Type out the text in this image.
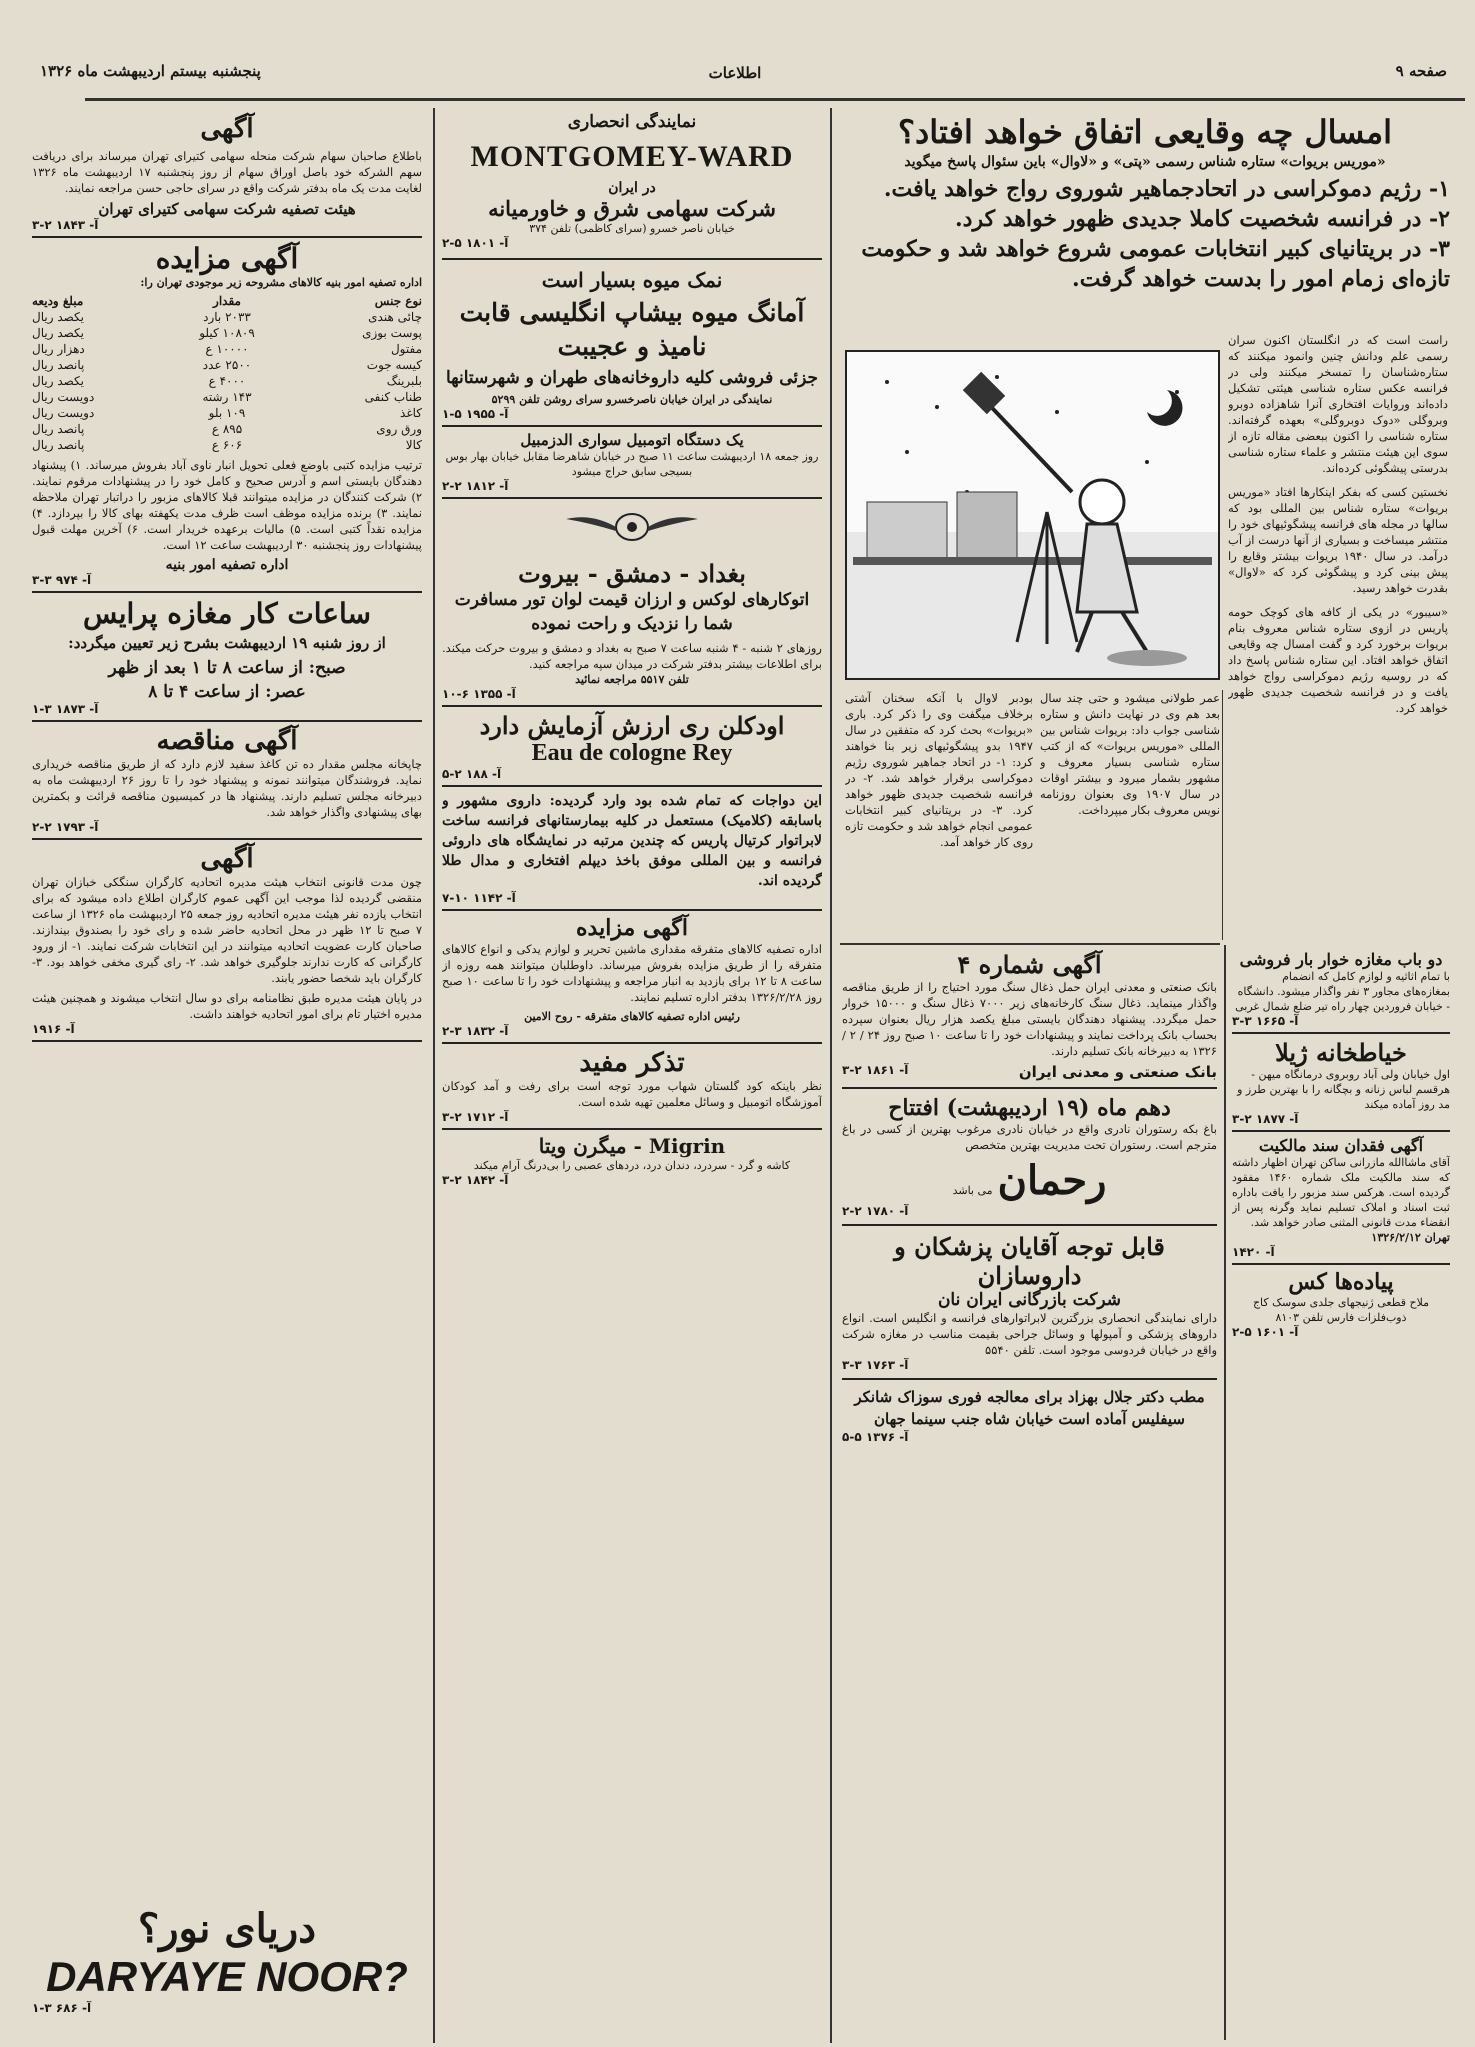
صفحه ۹
اطلاعات
پنجشنبه بیستم اردیبهشت ماه ۱۳۲۶
آگهی
باطلاع صاحبان سهام شرکت منحله سهامی کتیرای تهران میرساند برای دریافت سهم الشرکه خود باصل اوراق سهام از روز پنجشنبه ۱۷ اردیبهشت ماه ۱۳۲۶ لغایت مدت یک ماه بدفتر شرکت واقع در سرای حاجی حسن مراجعه نمایند.
هیئت تصفیه شرکت سهامی کتیرای تهران
آ- ۱۸۴۳ ۲-۳
آگهی مزایده
اداره تصفیه امور بنیه کالاهای مشروحه زیر موجودی تهران را:
نوع جنس
مقدار
مبلغ ودیعه
چائی هندی
۲۰۳۳ بارد
یکصد ریال
پوست بوزی
۱۰۸۰۹ کیلو
یکصد ریال
مفتول
۱۰۰۰۰ ع
دهزار ریال
کیسه جوت
۲۵۰۰ عدد
پانصد ریال
بلبرینگ
۴۰۰۰ ع
یکصد ریال
طناب کنفی
۱۴۳ رشته
دویست ریال
کاغذ
۱۰۹ بلو
دویست ریال
ورق روی
۸۹۵ ع
پانصد ریال
کالا
۶۰۶ ع
پانصد ریال
ترتیب مزایده کتبی باوضع فعلی تحویل انبار ناوی آباد بفروش میرساند. ۱) پیشنهاد دهندگان بایستی اسم و آدرس صحیح و کامل خود را در پیشنهادات مرقوم نمایند. ۲) شرکت کنندگان در مزایده میتوانند قبلا کالاهای مزبور را دراتبار تهران ملاحظه نمایند. ۳) برنده مزایده موظف است ظرف مدت یکهفته بهای کالا را بپردازد. ۴) مزایده نقداً کتبی است. ۵) مالیات برعهده خریدار است. ۶) آخرین مهلت قبول پیشنهادات روز پنجشنبه ۳۰ اردیبهشت ساعت ۱۲ است.
اداره تصفیه امور بنیه
آ- ۹۷۴ ۳-۳
ساعات کار مغازه پرایس
از روز شنبه ۱۹ اردیبهشت بشرح زیر تعیین میگردد:
صبح: از ساعت ۸ تا ۱ بعد از ظهر
عصر: از ساعت ۴ تا ۸
آ- ۱۸۷۳ ۳-۱
آگهی مناقصه
چاپخانه مجلس مقدار ده تن کاغذ سفید لازم دارد که از طریق مناقصه خریداری نماید. فروشندگان میتوانند نمونه و پیشنهاد خود را تا روز ۲۶ اردیبهشت ماه به دبیرخانه مجلس تسلیم دارند. پیشنهاد ها در کمیسیون مناقصه قرائت و بکمترین بهای پیشنهادی واگذار خواهد شد.
آ- ۱۷۹۳ ۲-۲
آگهی
چون مدت قانونی انتخاب هیئت مدیره اتحادیه کارگران سنگکی خبازان تهران منقضی گردیده لذا موجب این آگهی عموم کارگران اطلاع داده میشود که برای انتخاب یازده نفر هیئت مدیره اتحادیه روز جمعه ۲۵ اردیبهشت ماه ۱۳۲۶ از ساعت ۷ صبح تا ۱۲ ظهر در محل اتحادیه حاضر شده و رای خود را بصندوق بیندازند. صاحبان کارت عضویت اتحادیه میتوانند در این انتخابات شرکت نمایند. ۱- از ورود کارگرانی که کارت ندارند جلوگیری خواهد شد. ۲- رای گیری مخفی خواهد بود. ۳- کارگران باید شخصا حضور یابند.
در پایان هیئت مدیره طبق نظامنامه برای دو سال انتخاب میشوند و همچنین هیئت مدیره اختیار تام برای امور اتحادیه خواهند داشت.
آ- ۱۹۱۶
دریای نور؟
DARYAYE NOOR?
آ- ۶۸۶ ۳-۱
نمایندگی انحصاری
MONTGOMEY-WARD
در ایران
شرکت سهامی شرق و خاورمیانه
خیابان ناصر خسرو (سرای کاظمی) تلفن ۳۷۴
آ- ۱۸۰۱ ۵-۲
نمک میوه بسیار است
آمانگ میوه بیشاپ انگلیسی قابت نامیذ و عجیبت
جزئی فروشی کلیه داروخانه‌های طهران و شهرستانها
نمایندگی در ایران خیابان ناصرخسرو سرای روشن تلفن ۵۲۹۹
آ- ۱۹۵۵ ۵-۱
یک دستگاه اتومبیل سواری الدزمبیل
روز جمعه ۱۸ اردیبهشت ساعت ۱۱ صبح در خیابان شاهرضا مقابل خیابان بهار بوس بسیجی سابق حراج میشود
آ- ۱۸۱۲ ۲-۲
بغداد - دمشق - بیروت
اتوکارهای لوکس و ارزان قیمت لوان تور مسافرت شما را نزدیک و راحت نموده
روزهای ۲ شنبه - ۴ شنبه ساعت ۷ صبح به بغداد و دمشق و بیروت حرکت میکند. برای اطلاعات بیشتر بدفتر شرکت در میدان سپه مراجعه کنید.
تلفن ۵۵۱۷ مراجعه نمائید
آ- ۱۳۵۵ ۶-۱۰
اودکلن ری ارزش آزمایش دارد
Eau de cologne Rey
آ- ۱۸۸ ۲-۵
این دواجات که تمام شده بود وارد گردیده: داروی مشهور و باسابقه (کلامیک) مستعمل در کلیه بیمارستانهای فرانسه ساخت لابراتوار کرتیال پاریس که چندین مرتبه در نمایشگاه های داروئی فرانسه و بین المللی موفق باخذ دیپلم افتخاری و مدال طلا گردیده اند.
آ- ۱۱۴۲ ۱۰-۷
آگهی مزایده
اداره تصفیه کالاهای متفرقه مقداری ماشین تحریر و لوازم یدکی و انواع کالاهای متفرقه را از طریق مزایده بفروش میرساند. داوطلبان میتوانند همه روزه از ساعت ۸ تا ۱۲ برای بازدید به انبار مراجعه و پیشنهادات خود را تا ساعت ۱۰ صبح روز ۱۳۲۶/۲/۲۸ بدفتر اداره تسلیم نمایند.
رئیس اداره تصفیه کالاهای متفرقه - روح الامین
آ- ۱۸۳۲ ۳-۲
تذکر مفید
نظر باینکه کود گلستان شهاب مورد توجه است برای رفت و آمد کودکان آموزشگاه اتومبیل و وسائل معلمین تهیه شده است.
آ- ۱۷۱۲ ۲-۳
Migrin - میگرن ویتا
کاشه و گرد - سردرد، دندان درد، دردهای عصبی را بی‌درنگ آرام میکند
آ- ۱۸۴۲ ۲-۳
امسال چه وقایعی اتفاق خواهد افتاد؟
«موریس بریوات» ستاره شناس رسمی «پتی» و «لاوال» باین سئوال پاسخ میگوید
۱- رژیم دموکراسی در اتحادجماهیر شوروی رواج خواهد یافت.
۲- در فرانسه شخصیت کاملا جدیدی ظهور خواهد کرد.
۳- در بریتانیای کبیر انتخابات عمومی شروع خواهد شد و حکومت تازه‌ای زمام امور را بدست خواهد گرفت.
راست است که در انگلستان اکنون سران رسمی علم ودانش چنین وانمود میکنند که ستاره‌شناسان را تمسخر میکنند ولی در فرانسه عکس ستاره شناسی هیئتی تشکیل داده‌اند وروایات افتخاری آنرا شاهزاده دوبرو وبروگلی «دوک دوبروگلی» بعهده گرفته‌اند. ستاره شناسی را اکنون ببعضی مقاله تازه از سوی این هیئت منتشر و علماء ستاره شناسی بدرستی پیشگوئی کرده‌اند.
نخستین کسی که بفکر اینکارها افتاد «موریس بریوات» ستاره شناس بین المللی بود که سالها در مجله های فرانسه پیشگوئیهای خود را منتشر میساخت و بسیاری از آنها درست از آب درآمد. در سال ۱۹۴۰ بریوات بیشتر وقایع را پیش بینی کرد و پیشگوئی کرد که «لاوال» بقدرت خواهد رسید.
«سیبور» در یکی از کافه های کوچک حومه پاریس در ازوی ستاره شناس معروف بنام بریوات برخورد کرد و گفت امسال چه وقایعی اتفاق خواهد افتاد. این ستاره شناس پاسخ داد که در روسیه رژیم دموکراسی رواج خواهد یافت و در فرانسه شخصیت جدیدی ظهور خواهد کرد.
عمر طولانی میشود و حتی چند سال بعد هم وی در نهایت دانش و ستاره شناسی جواب داد: بریوات شناس بین المللی «موریس بریوات» که از کتب ستاره شناسی بسیار معروف و مشهور بشمار میرود و بیشتر اوقات در سال ۱۹۰۷ وی بعنوان روزنامه نویس معروف بکار میپرداخت.
بودبر لاوال با آنکه سخنان آشتی برخلاف میگفت وی را ذکر کرد. باری «بریوات» بحث کرد که متفقین در سال ۱۹۴۷ بدو پیشگوئیهای زیر بنا خواهند کرد: ۱- در اتحاد جماهیر شوروی رژیم دموکراسی برقرار خواهد شد. ۲- در فرانسه شخصیت جدیدی ظهور خواهد کرد. ۳- در بریتانیای کبیر انتخابات عمومی انجام خواهد شد و حکومت تازه روی کار خواهد آمد.
آگهی شماره ۴
بانک صنعتی و معدنی ایران حمل ذغال سنگ مورد احتیاج را از طریق مناقصه واگذار مینماید. ذغال سنگ کارخانه‌های زیر ۷۰۰۰ ذغال سنگ و ۱۵۰۰۰ خروار حمل میگردد. پیشنهاد دهندگان بایستی مبلغ یکصد هزار ریال بعنوان سپرده بحساب بانک پرداخت نمایند و پیشنهادات خود را تا ساعت ۱۰ صبح روز ۲۴ / ۲ / ۱۳۲۶ به دبیرخانه بانک تسلیم دارند.
بانک صنعتی و معدنی ایران
آ- ۱۸۶۱ ۲-۳
دهم ماه (۱۹ اردیبهشت) افتتاح
باغ بکه رستوران نادری واقع در خیابان نادری مرغوب بهترین از کسی در باغ مترجم است. رستوران تحت مدیریت بهترین متخصص
رحمان می باشد
آ- ۱۷۸۰ ۲-۲
قابل توجه آقایان پزشکان و داروسازان
شرکت بازرگانی ایران نان
دارای نمایندگی انحصاری بزرگترین لابراتوارهای فرانسه و انگلیس است. انواع داروهای پزشکی و آمپولها و وسائل جراحی بقیمت مناسب در مغازه شرکت واقع در خیابان فردوسی موجود است. تلفن ۵۵۴۰
آ- ۱۷۶۳ ۳-۳
مطب دکتر جلال بهزاد برای معالجه فوری سوزاک شانکر سیفلیس آماده است خیابان شاه جنب سینما جهان
آ- ۱۳۷۶ ۵-۵
دو باب مغازه خوار بار فروشی
با تمام اثاثیه و لوازم کامل که انضمام بمغازه‌های مجاور ۳ نفر واگذار میشود. دانشگاه - خیابان فروردین چهار راه تیر ضلع شمال غربی
آ- ۱۶۶۵ ۳-۳
خیاطخانه ژیلا
اول خیابان ولی آباد روبروی درمانگاه میهن - هرقسم لباس زنانه و بچگانه را با بهترین طرز و مد روز آماده میکند
آ- ۱۸۷۷ ۲-۳
آگهی فقدان سند مالکیت
آقای ماشاالله مازرانی ساکن تهران اظهار داشته که سند مالکیت ملک شماره ۱۴۶۰ مفقود گردیده است. هرکس سند مزبور را یافت باداره ثبت اسناد و املاک تسلیم نماید وگرنه پس از انقضاء مدت قانونی المثنی صادر خواهد شد.
تهران ۱۳۲۶/۲/۱۲
آ- ۱۴۲۰
پیاده‌ها کس
ملاح قطعی ژنیجهای جلدی سوسک کاج ذوب‌فلزات فارس تلفن ۸۱۰۳
آ- ۱۶۰۱ ۵-۲
